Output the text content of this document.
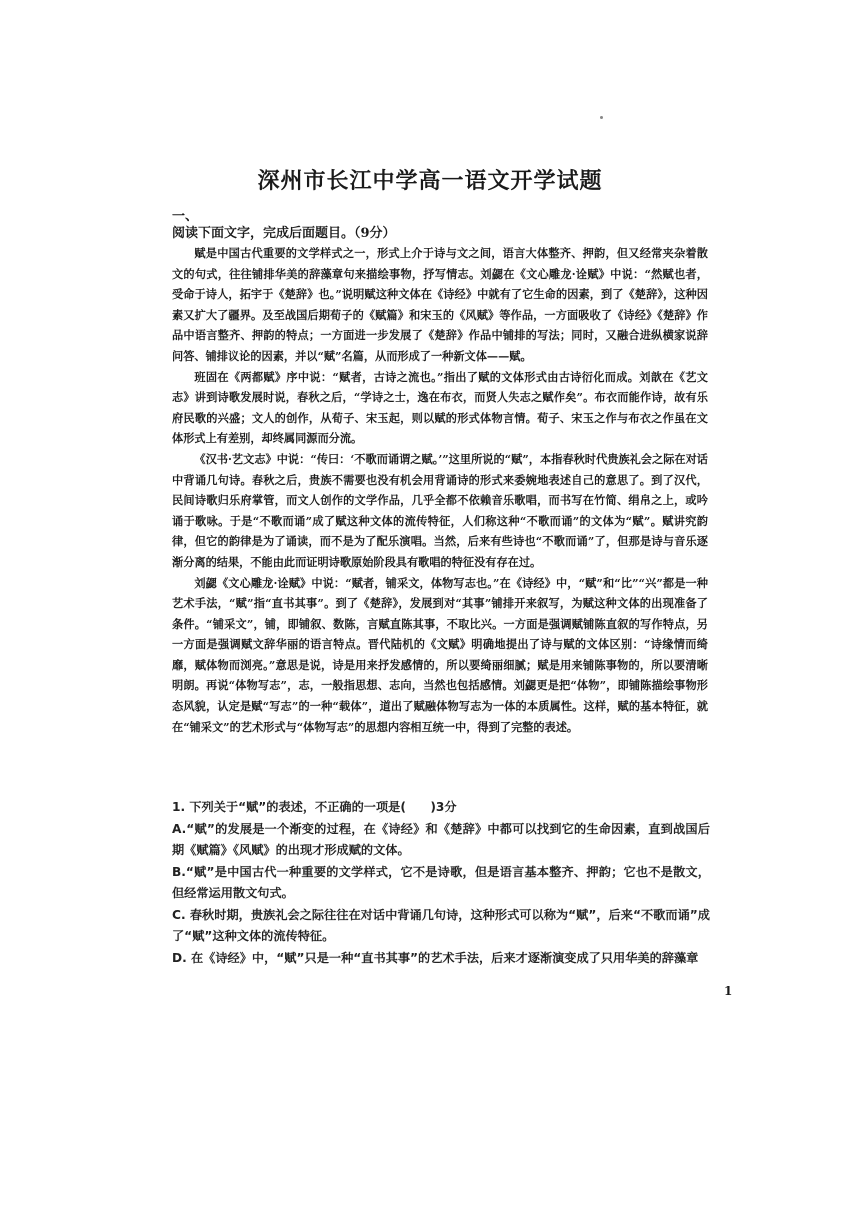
深州市长江中学高一语文开学试题
一、
阅读下面文字，完成后面题目。（9分）

赋是中国古代重要的文学样式之一，形式上介于诗与文之间，语言大体整齐、押韵，但又经常夹杂着散文的句式，往往铺排华美的辞藻章句来描绘事物，抒写情志。刘勰在《文心雕龙·诠赋》中说：“然赋也者，受命于诗人，拓宇于《楚辞》也。”说明赋这种文体在《诗经》中就有了它生命的因素，到了《楚辞》，这种因素又扩大了疆界。及至战国后期荀子的《赋篇》和宋玉的《风赋》等作品，一方面吸收了《诗经》《楚辞》作品中语言整齐、押韵的特点；一方面进一步发展了《楚辞》作品中铺排的写法；同时，又融合进纵横家说辞问答、铺排议论的因素，并以“赋”名篇，从而形成了一种新文体——赋。

班固在《两都赋》序中说：“赋者，古诗之流也。”指出了赋的文体形式由古诗衍化而成。刘歆在《艺文志》讲到诗歌发展时说，春秋之后，“学诗之士，逸在布衣，而贤人失志之赋作矣”。布衣而能作诗，故有乐府民歌的兴盛；文人的创作，从荀子、宋玉起，则以赋的形式体物言情。荀子、宋玉之作与布衣之作虽在文体形式上有差别，却终属同源而分流。

《汉书·艺文志》中说：“传曰：‘不歌而诵谓之赋。’”这里所说的“赋”，本指春秋时代贵族礼会之际在对话中背诵几句诗。春秋之后，贵族不需要也没有机会用背诵诗的形式来委婉地表述自己的意思了。到了汉代，民间诗歌归乐府掌管，而文人创作的文学作品，几乎全都不依赖音乐歌唱，而书写在竹简、绢帛之上，或吟诵于歌咏。于是“不歌而诵”成了赋这种文体的流传特征，人们称这种“不歌而诵”的文体为“赋”。赋讲究韵律，但它的韵律是为了诵读，而不是为了配乐演唱。当然，后来有些诗也“不歌而诵”了，但那是诗与音乐逐渐分离的结果，不能由此而证明诗歌原始阶段具有歌唱的特征没有存在过。

刘勰《文心雕龙·诠赋》中说：“赋者，铺采文，体物写志也。”在《诗经》中，“赋”和“比”“兴”都是一种艺术手法，“赋”指“直书其事”。到了《楚辞》，发展到对“其事”铺排开来叙写，为赋这种文体的出现准备了条件。“铺采文”，铺，即铺叙、数陈，言赋直陈其事，不取比兴。一方面是强调赋铺陈直叙的写作特点，另一方面是强调赋文辞华丽的语言特点。晋代陆机的《文赋》明确地提出了诗与赋的文体区别：“诗缘情而绮靡，赋体物而浏亮。”意思是说，诗是用来抒发感情的，所以要绮丽细腻；赋是用来铺陈事物的，所以要清晰明朗。再说“体物写志”，志，一般指思想、志向，当然也包括感情。刘勰更是把“体物”，即铺陈描绘事物形态风貌，认定是赋“写志”的一种“载体”，道出了赋融体物写志为一体的本质属性。这样，赋的基本特征，就在“铺采文”的艺术形式与“体物写志”的思想内容相互统一中，得到了完整的表述。

1. 下列关于“赋”的表述，不正确的一项是(　　)3分

A.“赋”的发展是一个渐变的过程，在《诗经》和《楚辞》中都可以找到它的生命因素，直到战国后期《赋篇》《风赋》的出现才形成赋的文体。

B.“赋”是中国古代一种重要的文学样式，它不是诗歌，但是语言基本整齐、押韵；它也不是散文，但经常运用散文句式。

C. 春秋时期，贵族礼会之际往往在对话中背诵几句诗，这种形式可以称为“赋”，后来“不歌而诵”成了“赋”这种文体的流传特征。

D. 在《诗经》中，“赋”只是一种“直书其事”的艺术手法，后来才逐渐演变成了只用华美的辞藻章

1
